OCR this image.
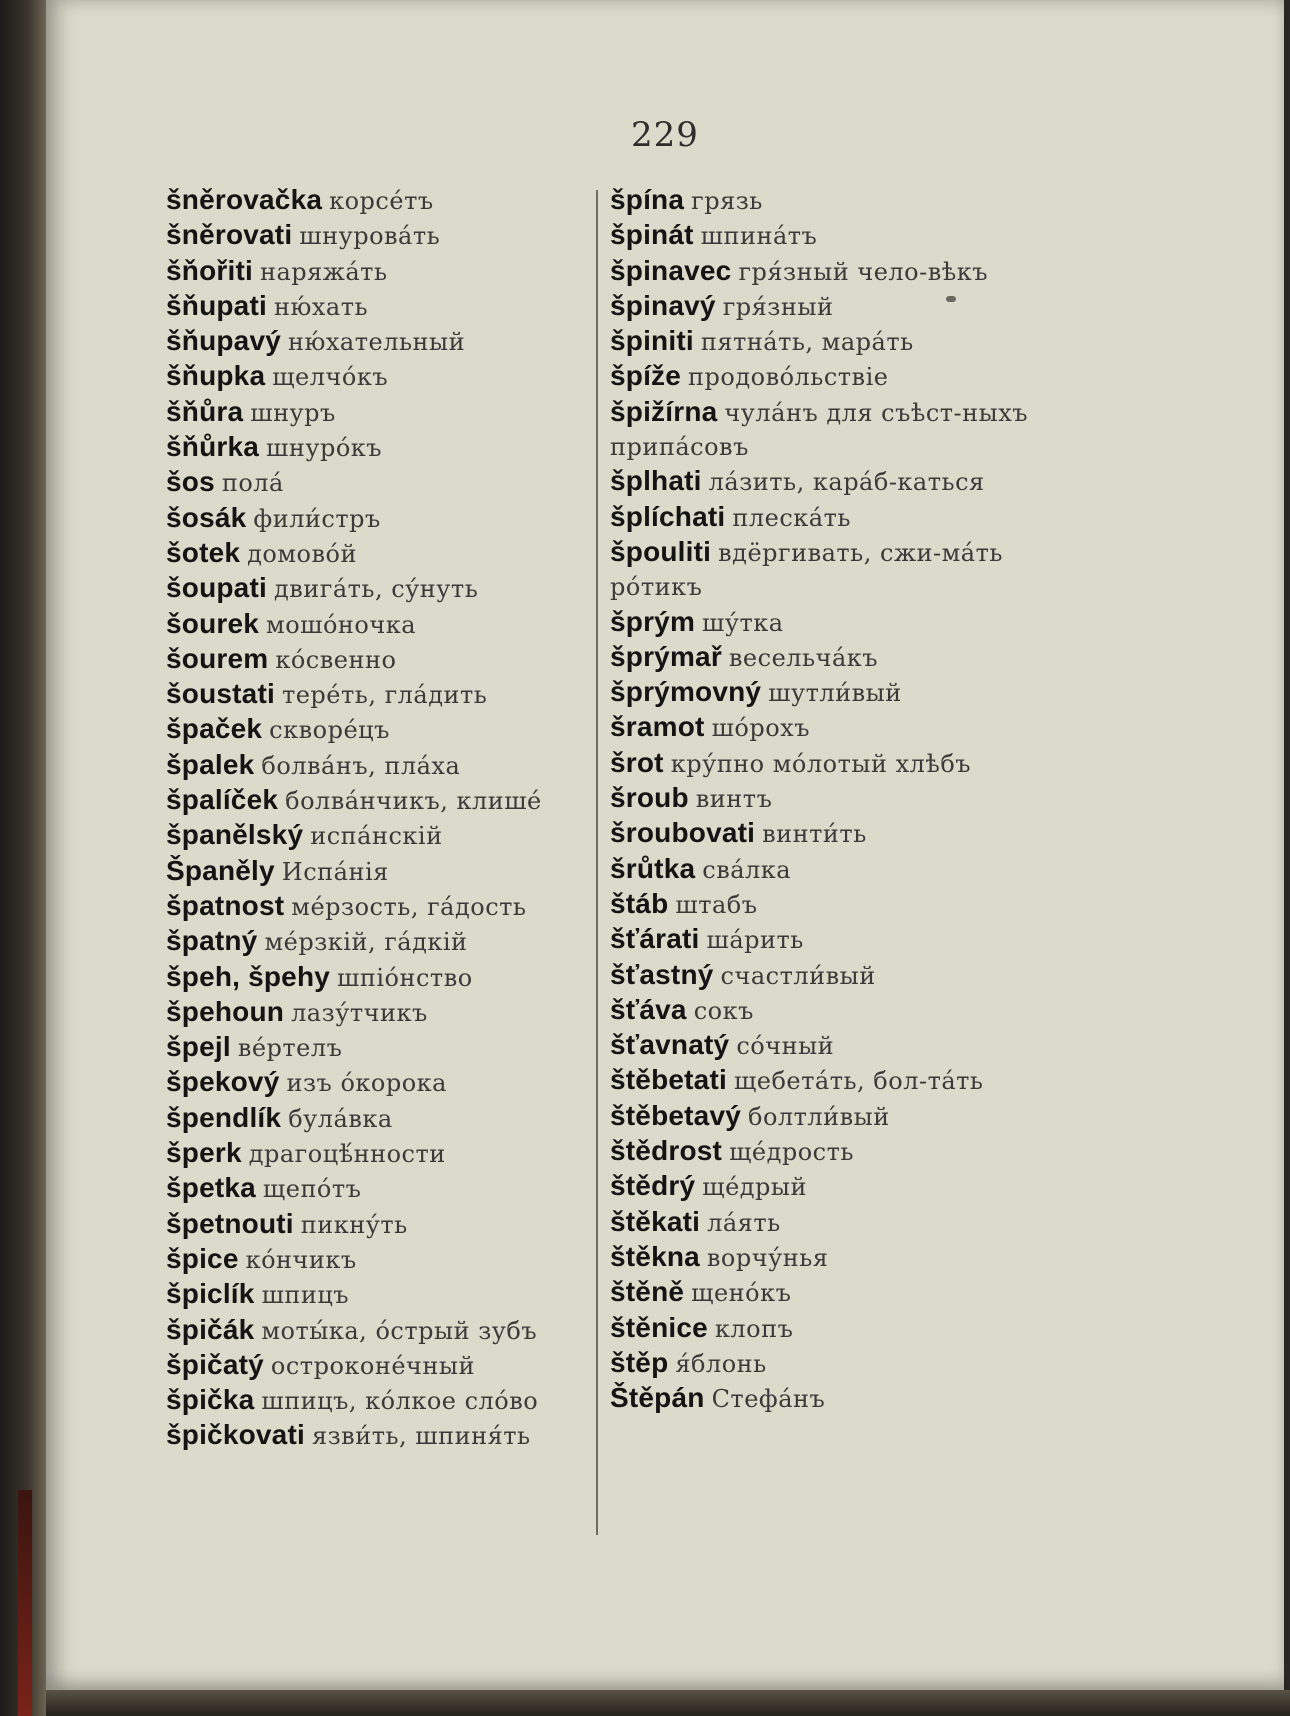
229

šněrovačka корсе́тъ

šněrovati шнурова́ть

šňořiti наряжа́ть

šňupati ню́хать

šňupavý ню́хательный

šňupka щелчо́къ

šňůra шнуръ

šňůrka шнуро́къ

šos пола́

šosák фили́стръ

šotek домово́й

šoupati двига́ть, су́нуть

šourek мошо́ночка

šourem ко́свенно

šoustati тере́ть, гла́дить

špaček скворе́цъ

špalek болва́нъ, пла́ха

špalíček болва́нчикъ, клише́

španělský испа́нскій

Španěly Испа́нія

špatnost ме́рзость, га́дость

špatný ме́рзкій, га́дкій

špeh, špehy шпіо́нство

špehoun лазу́тчикъ

špejl ве́ртелъ

špekový изъ о́корока

špendlík була́вка

šperk драгоцѣ́нности

špetka щепо́тъ

špetnouti пикну́ть

špice ко́нчикъ

špiclík шпицъ

špičák моты́ка, о́стрый зубъ

špičatý остроконе́чный

špička шпицъ, ко́лкое сло́во

špičkovati язви́ть, шпиня́ть

špína грязь

špinát шпина́тъ

špinavec гря́зный чело-вѣкъ

špinavý гря́зный

špiniti пятна́ть, мара́ть

špíže продово́льствіе

špižírna чула́нъ для съѣст-ныхъ припа́совъ

šplhati ла́зить, кара́б-каться

šplíchati плеска́ть

špouliti вдёргивать, сжи-ма́ть ро́тикъ

šprým шу́тка

šprýmař весельча́къ

šprýmovný шутли́вый

šramot шо́рохъ

šrot кру́пно мо́лотый хлѣбъ

šroub винтъ

šroubovati винти́ть

šrůtka сва́лка

štáb штабъ

šťárati ша́рить

šťastný счастли́вый

šťáva сокъ

šťavnatý со́чный

štěbetati щебета́ть, бол-та́ть

štěbetavý болтли́вый

štědrost ще́дрость

štědrý ще́дрый

štěkati ла́ять

štěkna ворчу́нья

štěně щено́къ

štěnice клопъ

štěp я́блонь

Štěpán Стефа́нъ
